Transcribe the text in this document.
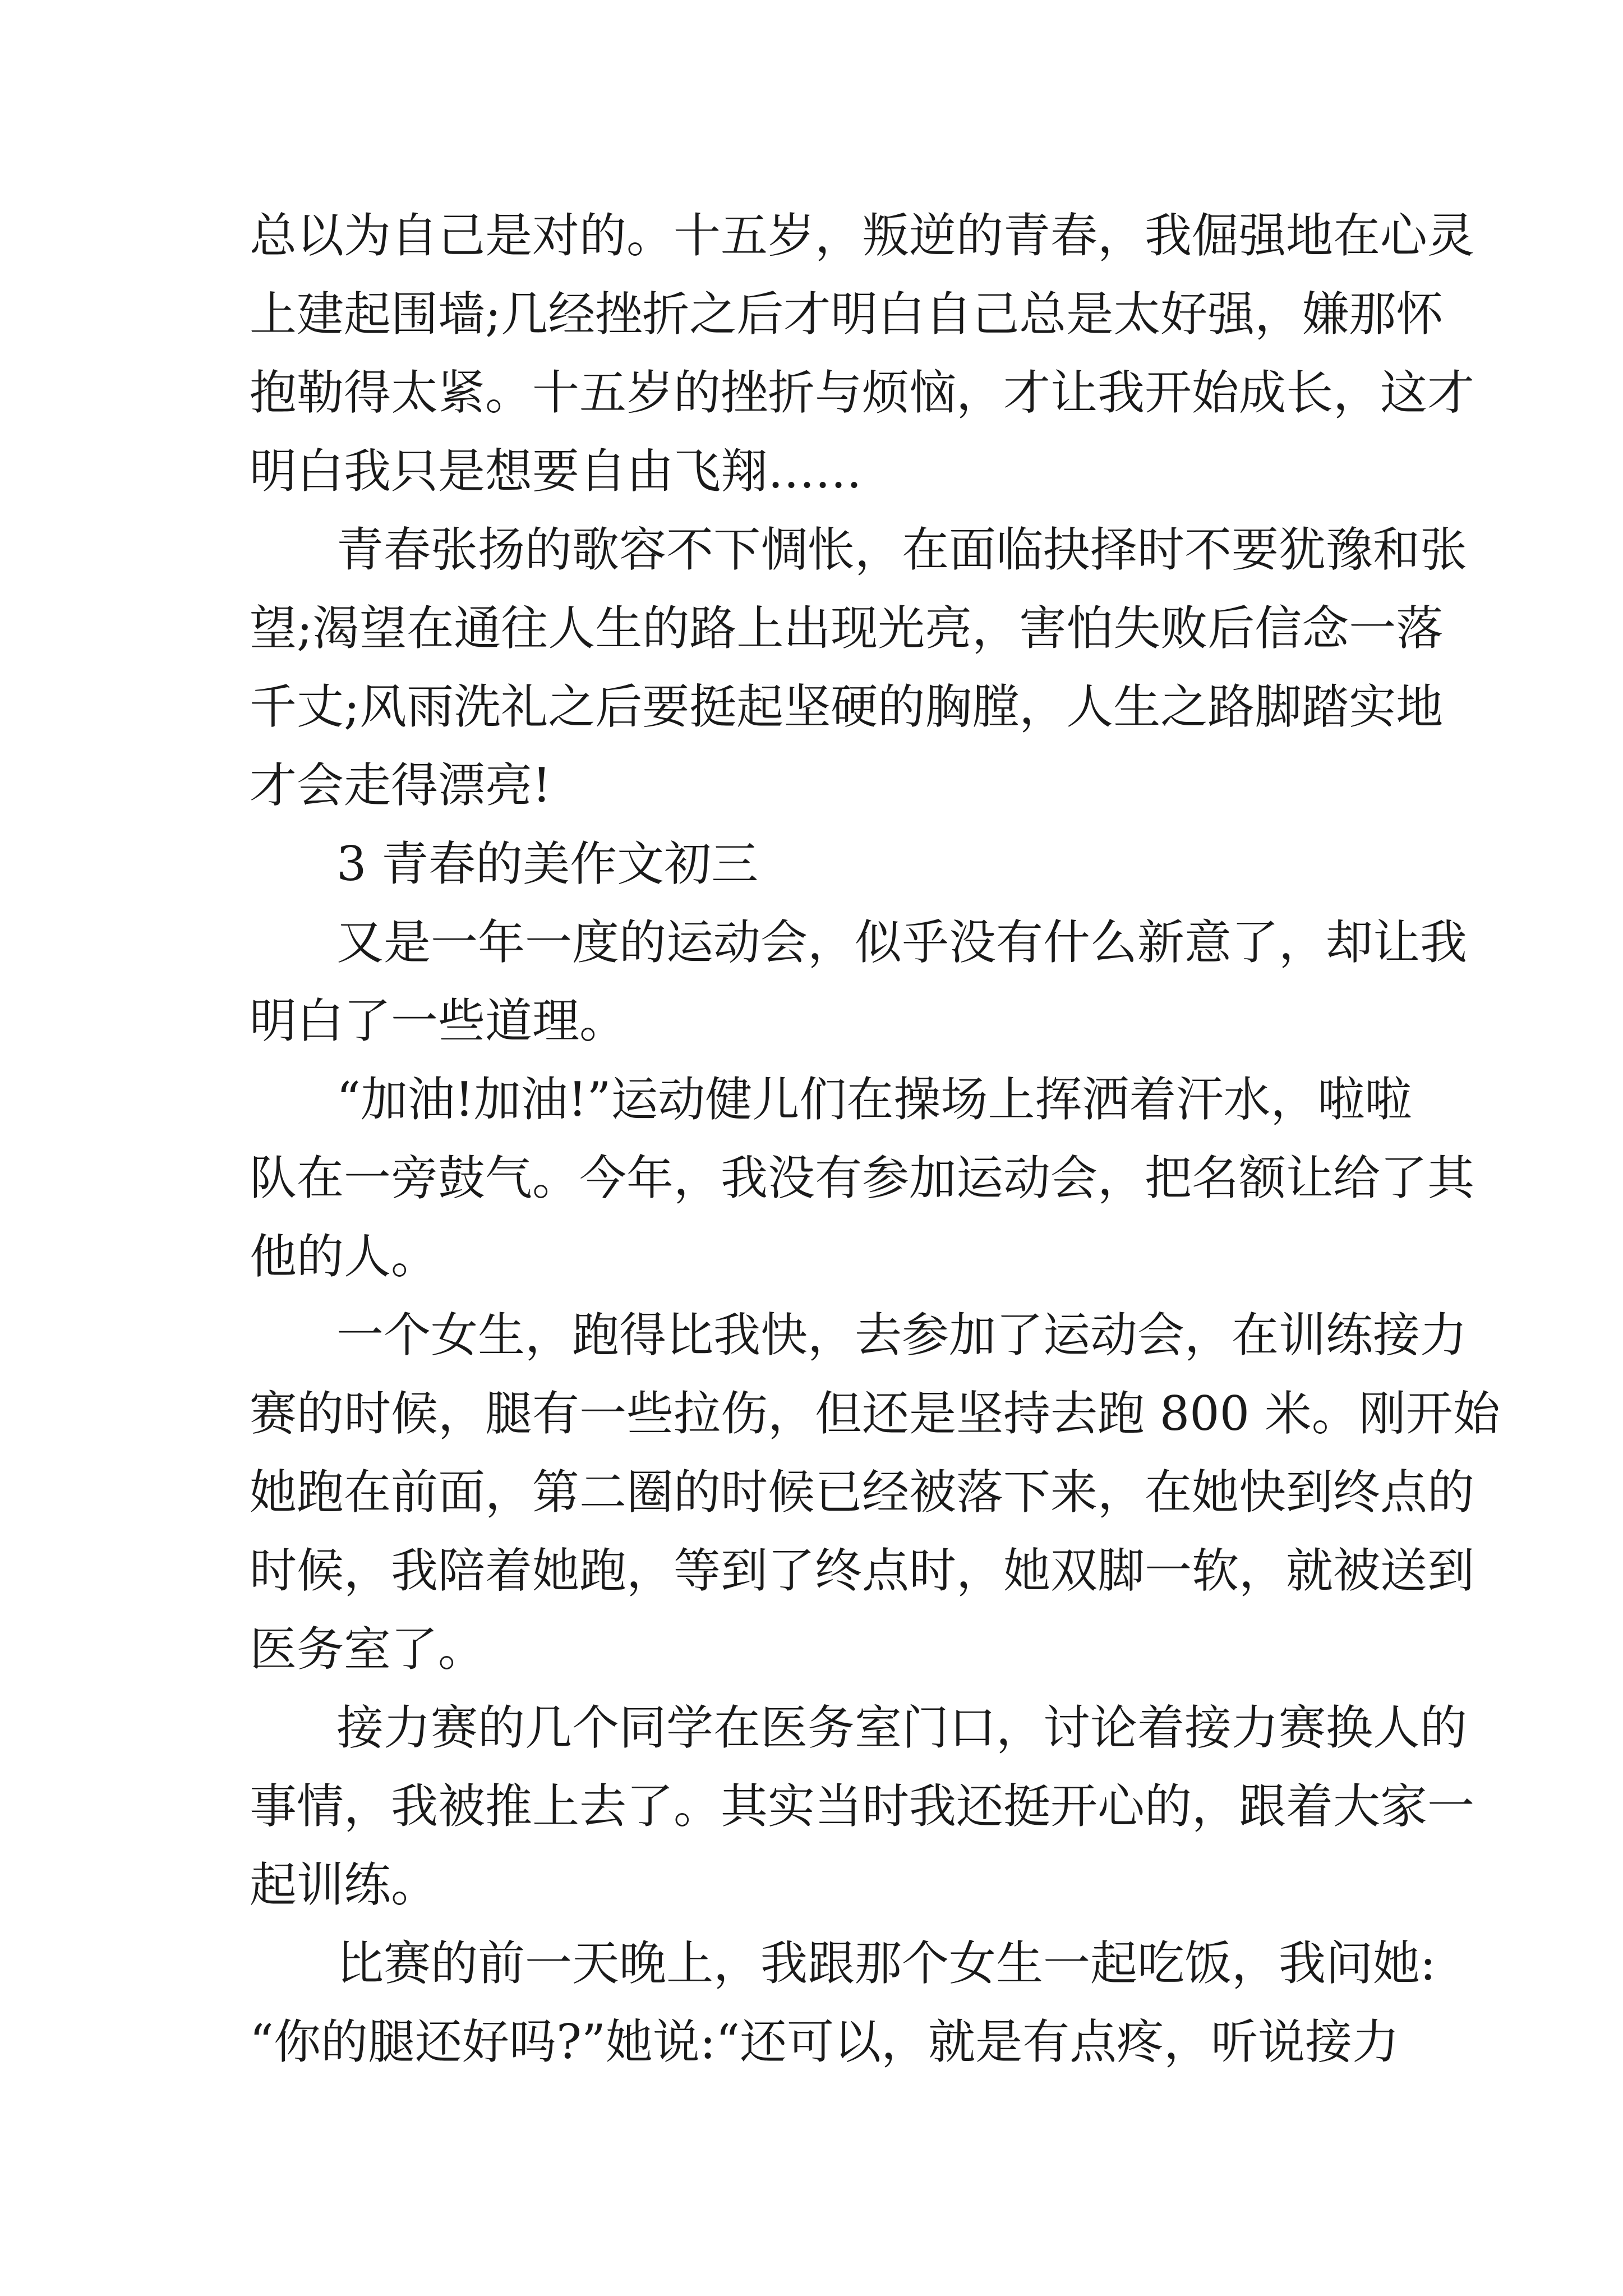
总以为自己是对的。十五岁，叛逆的青春，我倔强地在心灵
上建起围墙;几经挫折之后才明白自己总是太好强，嫌那怀
抱勒得太紧。十五岁的挫折与烦恼，才让我开始成长，这才
明白我只是想要自由飞翔……
青春张扬的歌容不下惆怅，在面临抉择时不要犹豫和张
望;渴望在通往人生的路上出现光亮，害怕失败后信念一落
千丈;风雨洗礼之后要挺起坚硬的胸膛，人生之路脚踏实地
才会走得漂亮!
3 青春的美作文初三
又是一年一度的运动会，似乎没有什么新意了，却让我
明白了一些道理。
“加油!加油!”运动健儿们在操场上挥洒着汗水，啦啦
队在一旁鼓气。今年，我没有参加运动会，把名额让给了其
他的人。
一个女生，跑得比我快，去参加了运动会，在训练接力
赛的时候，腿有一些拉伤，但还是坚持去跑 800 米。刚开始
她跑在前面，第二圈的时候已经被落下来，在她快到终点的
时候，我陪着她跑，等到了终点时，她双脚一软，就被送到
医务室了。
接力赛的几个同学在医务室门口，讨论着接力赛换人的
事情，我被推上去了。其实当时我还挺开心的，跟着大家一
起训练。
比赛的前一天晚上，我跟那个女生一起吃饭，我问她:
“你的腿还好吗?”她说:“还可以，就是有点疼，听说接力
